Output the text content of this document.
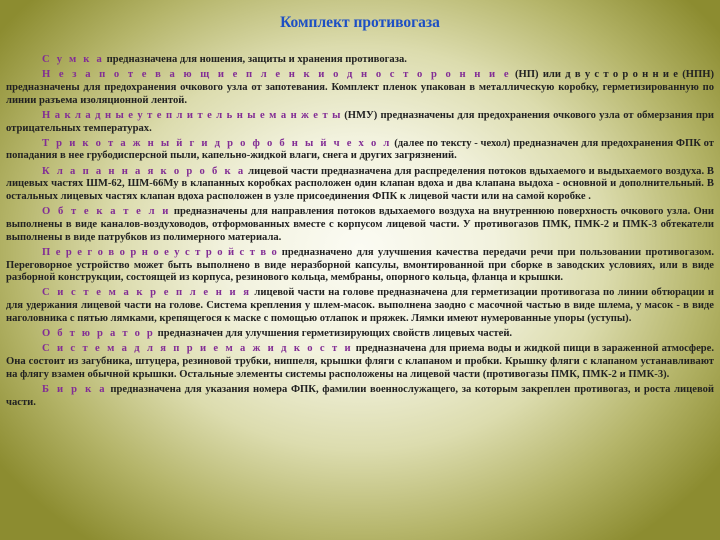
Комплект противогаза

С у м к а предназначена для ношения, защиты и хранения противогаза.

Н е з а п о т е в а ю щ и е п л е н к и о д н о с т о р о н н и е (НП) или д в у с т о р о н н и е (НПН) предназначены для предохранения очкового узла от запотевания. Комплект пленок упакован в металлическую коробку, герметизированную по линии разъема изоляционной лентой.

Н а к л а д н ы е у т е п л и т е л ь н ы е м а н ж е т ы (НМУ) предназначены для предохранения очкового узла от обмерзания при отрицательных температурах.

Т р и к о т а ж н ы й г и д р о ф о б н ы й ч е х о л (далее по тексту - чехол) предназначен для предохранения ФПК от попадания в нее грубодисперсной пыли, капельно-жидкой влаги, снега и других загрязнений.

К л а п а н н а я к о р о б к а лицевой части предназначена для распределения потоков вдыхаемого и выдыхаемого воздуха. В лицевых частях ШМ-62, ШМ-66Му в клапанных коробках расположен один клапан вдоха и два клапана выдоха - основной и дополнительный. В остальных лицевых частях клапан вдоха расположен в узле присоединения ФПК к лицевой части или на самой коробке .

О б т е к а т е л и предназначены для направления потоков вдыхаемого воздуха на внутреннюю поверхность очкового узла. Они выполнены в виде каналов-воздуховодов, отформованных вместе с корпусом лицевой части. У противогазов ПМК, ПМК-2 и ПМК-3 обтекатели выполнены в виде патрубков из полимерного материала.

П е р е г о в о р н о е у с т р о й с т в о предназначено для улучшения качества передачи речи при пользовании противогазом. Переговорное устройство может быть выполнено в виде неразборной капсулы, вмонтированной при сборке в заводских условиях, или в виде разборной конструкции, состоящей из корпуса, резинового кольца, мембраны, опорного кольца, фланца и крышки.

С и с т е м а к р е п л е н и я лицевой части на голове предназначена для герметизации противогаза по линии обтюрации и для удержания лицевой части на голове. Система крепления у шлем-масок. выполнена заодно с масочной частью в виде шлема, у масок - в виде наголовника с пятью лямками, крепящегося к маске с помощью отлапок и пряжек. Лямки имеют нумерованные упоры (уступы).

О б т ю р а т о р предназначен для улучшения герметизирующих свойств лицевых частей.

С и с т е м а д л я п р и е м а ж и д к о с т и предназначена для приема воды и жидкой пищи в зараженной атмосфере. Она состоит из загубника, штуцера, резиновой трубки, ниппеля, крышки фляги с клапаном и пробки. Крышку фляги с клапаном устанавливают на флягу взамен обычной крышки. Остальные элементы системы расположены на лицевой части (противогазы ПМК, ПМК-2 и ПМК-3).

Б и р к а предназначена для указания номера ФПК, фамилии военнослужащего, за которым закреплен противогаз, и роста лицевой части.
